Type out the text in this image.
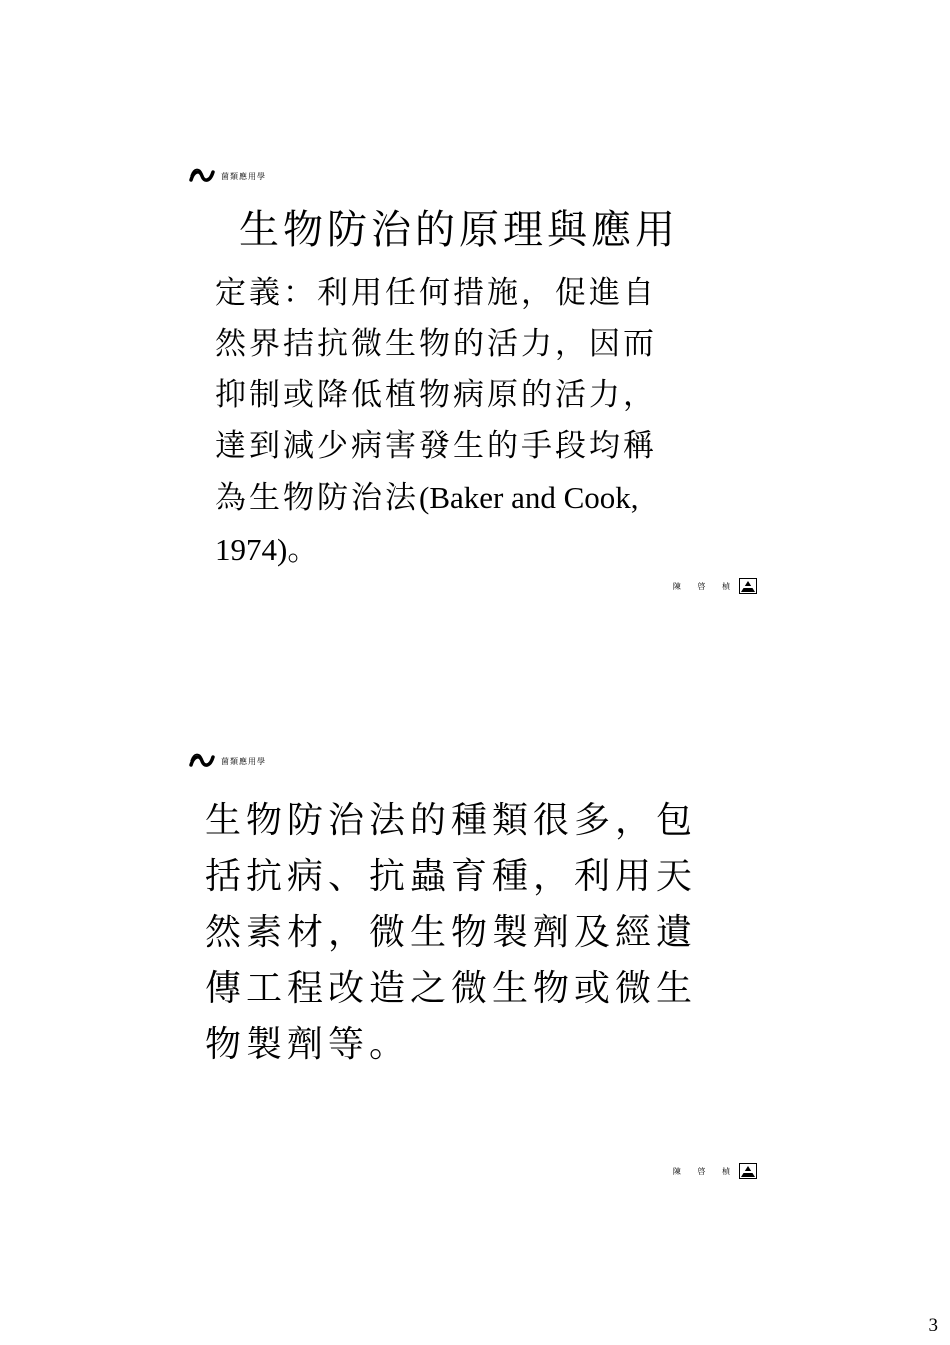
菌類應用學
生物防治的原理與應用
定義：利用任何措施，促進自
然界拮抗微生物的活力，因而
抑制或降低植物病原的活力，
達到減少病害發生的手段均稱
為生物防治法(Baker and Cook,
1974)。
陳 啓 楨
菌類應用學
生物防治法的種類很多，包
括抗病、抗蟲育種，利用天
然素材，微生物製劑及經遺
傳工程改造之微生物或微生
物製劑等。
陳 啓 楨
3
